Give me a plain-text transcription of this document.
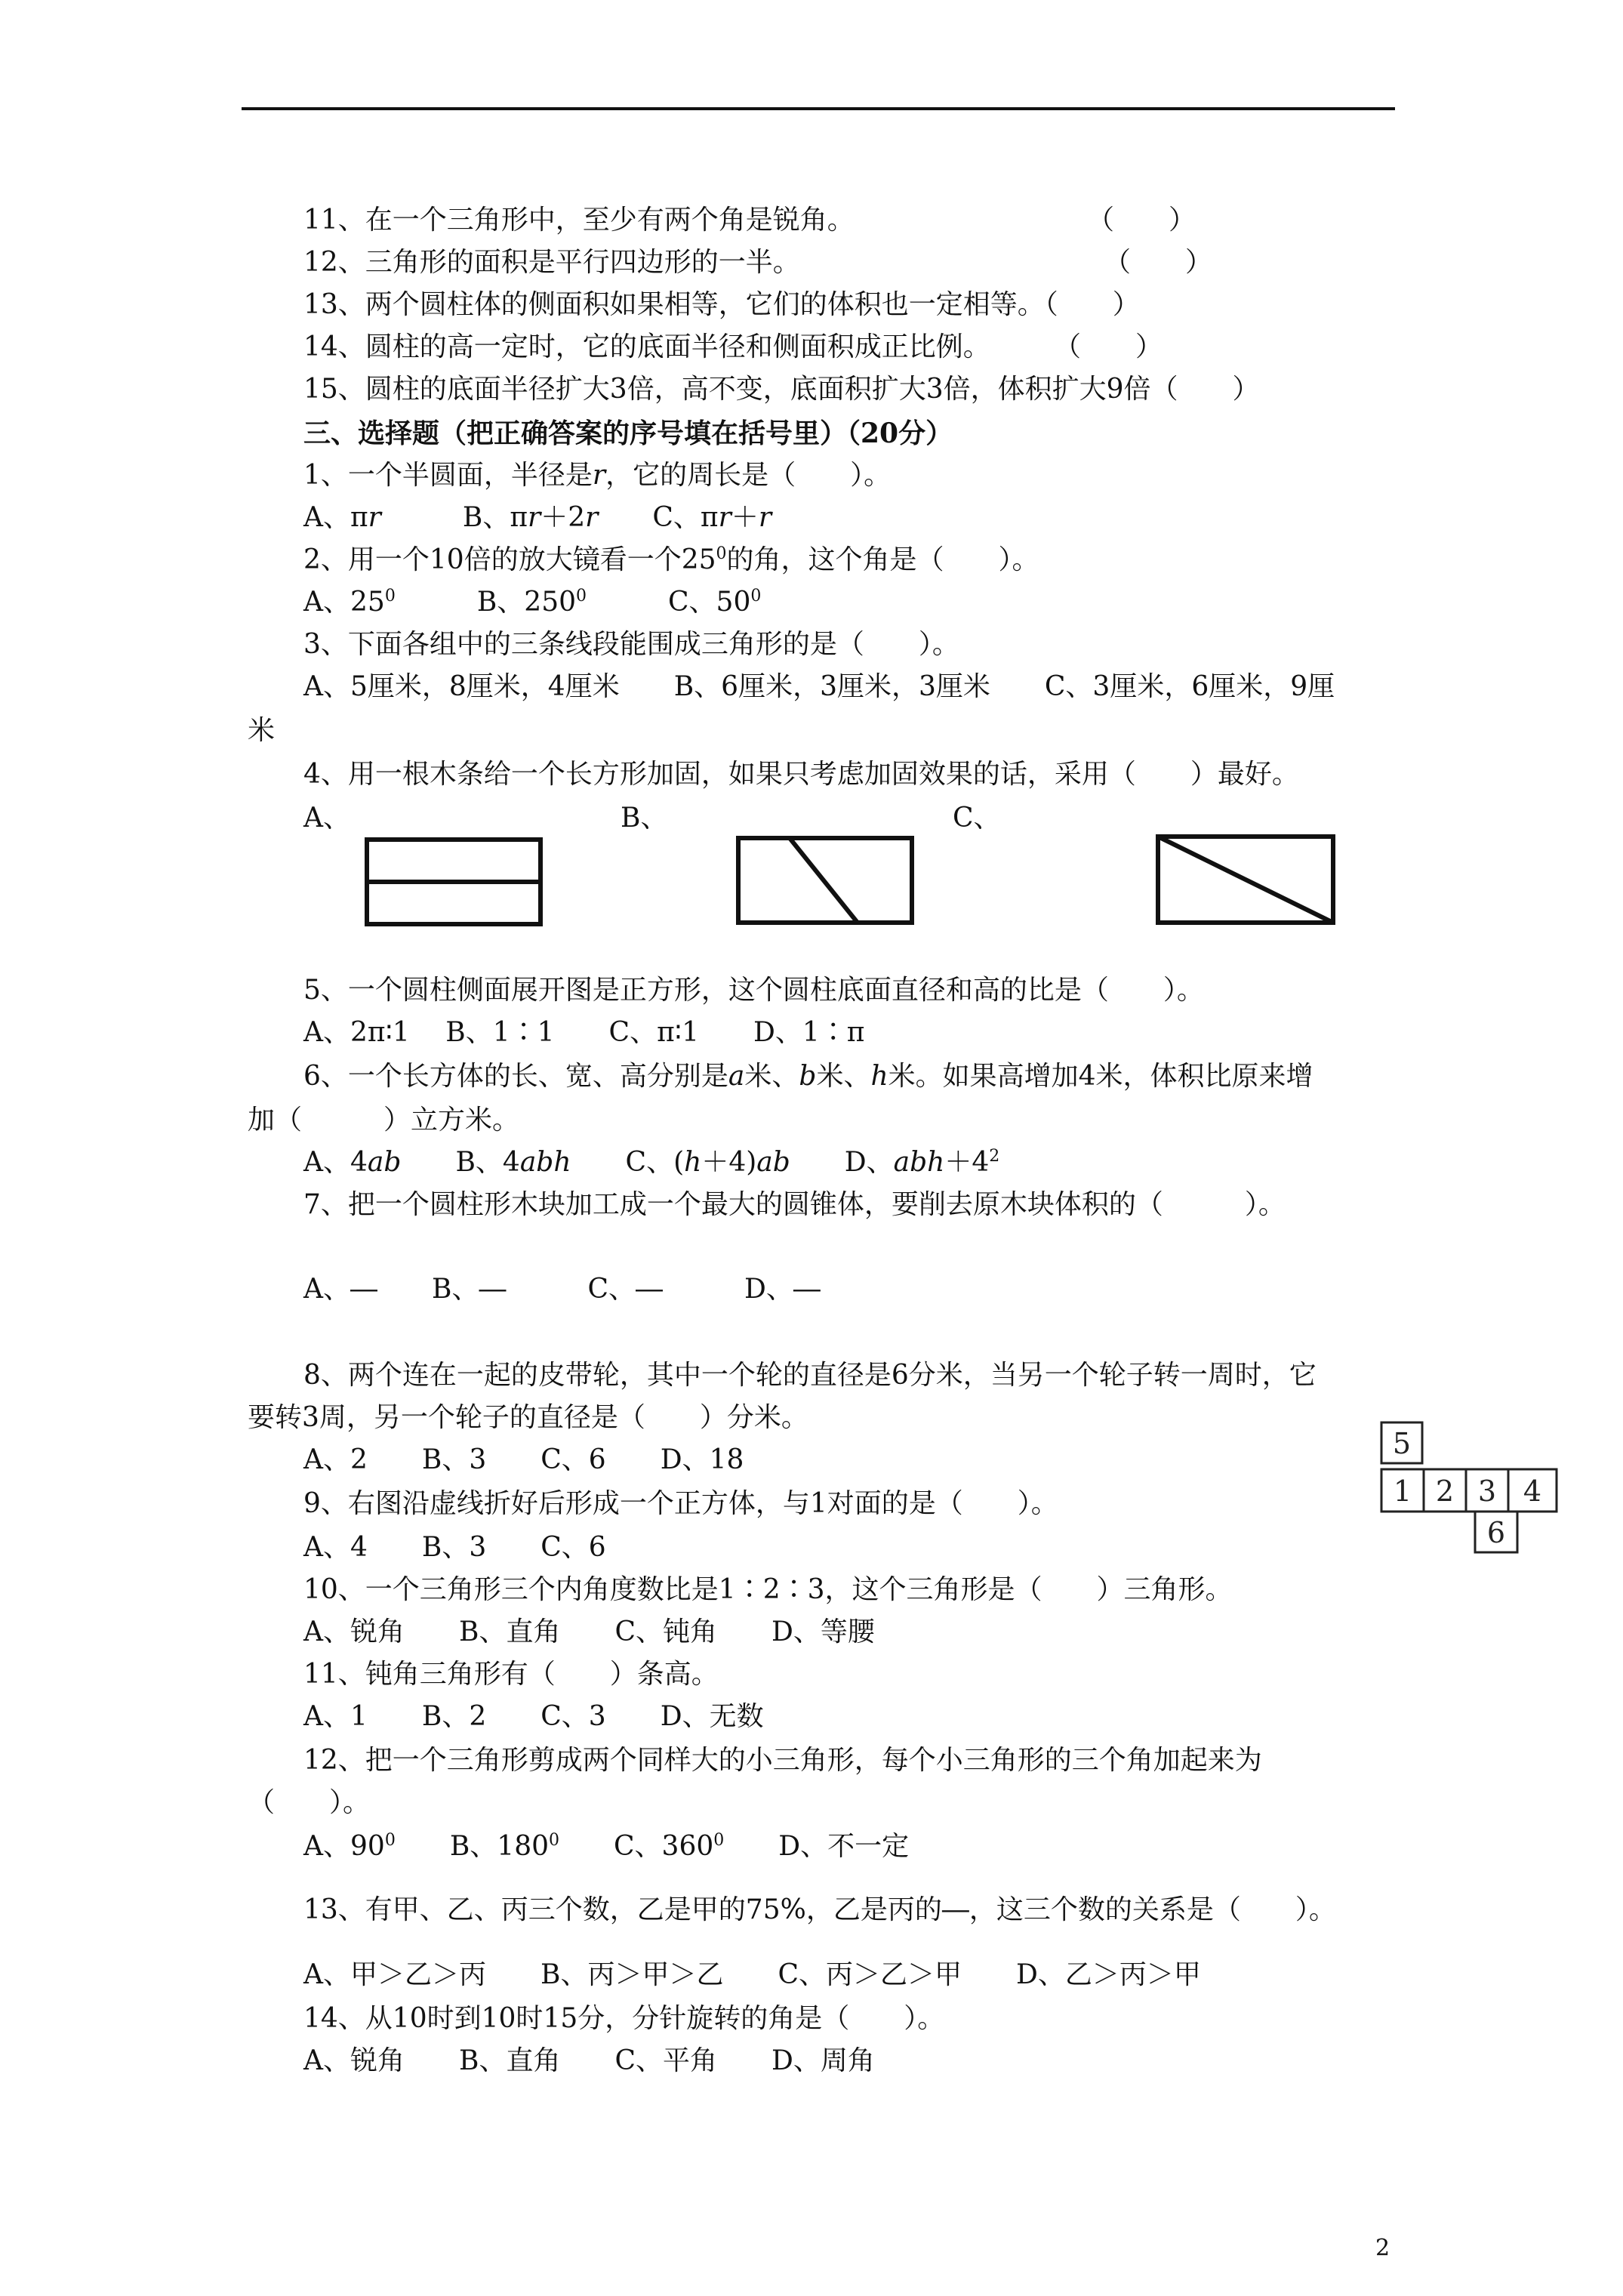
11、在一个三角形中，至少有两个角是锐角。	（　　）
12、三角形的面积是平行四边形的一半。	（　　）
13、两个圆柱体的侧面积如果相等，它们的体积也一定相等。（　　）
14、圆柱的高一定时，它的底面半径和侧面积成正比例。 （　　）
15、圆柱的底面半径扩大3倍，高不变，底面积扩大3倍，体积扩大9倍（　　）
三、选择题（把正确答案的序号填在括号里）（20分）
1、一个半圆面，半径是r，它的周长是（　　）。
A、πr　　　	B、πr＋2r　　 C、πr＋r
2、用一个10倍的放大镜看一个$25^0$的角，这个角是（　　）。
A、$25^0$　　　	B、$250^0$　　　	C、$50^0$
3、下面各组中的三条线段能围成三角形的是（　　）。
A、5厘米，8厘米，4厘米　　B、6厘米，3厘米，3厘米　　C、3厘米，6厘米，9厘
米
4、用一根木条给一个长方形加固，如果只考虑加固效果的话，采用（　　）最好。
A、	B、	C、
5、一个圆柱侧面展开图是正方形，这个圆柱底面直径和高的比是（　　）。
A、2π∶1　 B、1∶1　　C、π∶1　　D、1∶π
6、一个长方体的长、宽、高分别是a米、b米、h米。如果高增加4米，体积比原来增
加（　　　）立方米。
A、4ab　　 B、4abh　　 C、(h＋4)ab　　 D、$abh+4^2$
7、把一个圆柱形木块加工成一个最大的圆锥体，要削去原木块体积的（　　　）。
A、―　　B、―　　　C、―　　　D、―
8、两个连在一起的皮带轮，其中一个轮的直径是6分米，当另一个轮子转一周时，它
要转3周，另一个轮子的直径是（　　）分米。
A、2　　B、3　　C、6　　D、18
9、右图沿虚线折好后形成一个正方体，与1对面的是（　　）。
A、4　　B、3　　C、6
5
1 2 3 4
6
10、一个三角形三个内角度数比是1∶2∶3，这个三角形是（　　）三角形。
A、锐角　　B、直角　　C、钝角　　D、等腰
11、钝角三角形有（　　）条高。
A、1　　B、2　　C、3　　D、无数
12、把一个三角形剪成两个同样大的小三角形，每个小三角形的三个角加起来为
（　　）。
A、$90^0$　　 B、$180^0$　　 C、$360^0$　　 D、不一定
13、有甲、乙、丙三个数，乙是甲的75%，乙是丙的―，这三个数的关系是（　　）。
A、甲＞乙＞丙　　B、丙＞甲＞乙　　C、丙＞乙＞甲　　D、乙＞丙＞甲
14、从10时到10时15分，分针旋转的角是（　　）。
A、锐角　　B、直角　　C、平角　　D、周角
2
